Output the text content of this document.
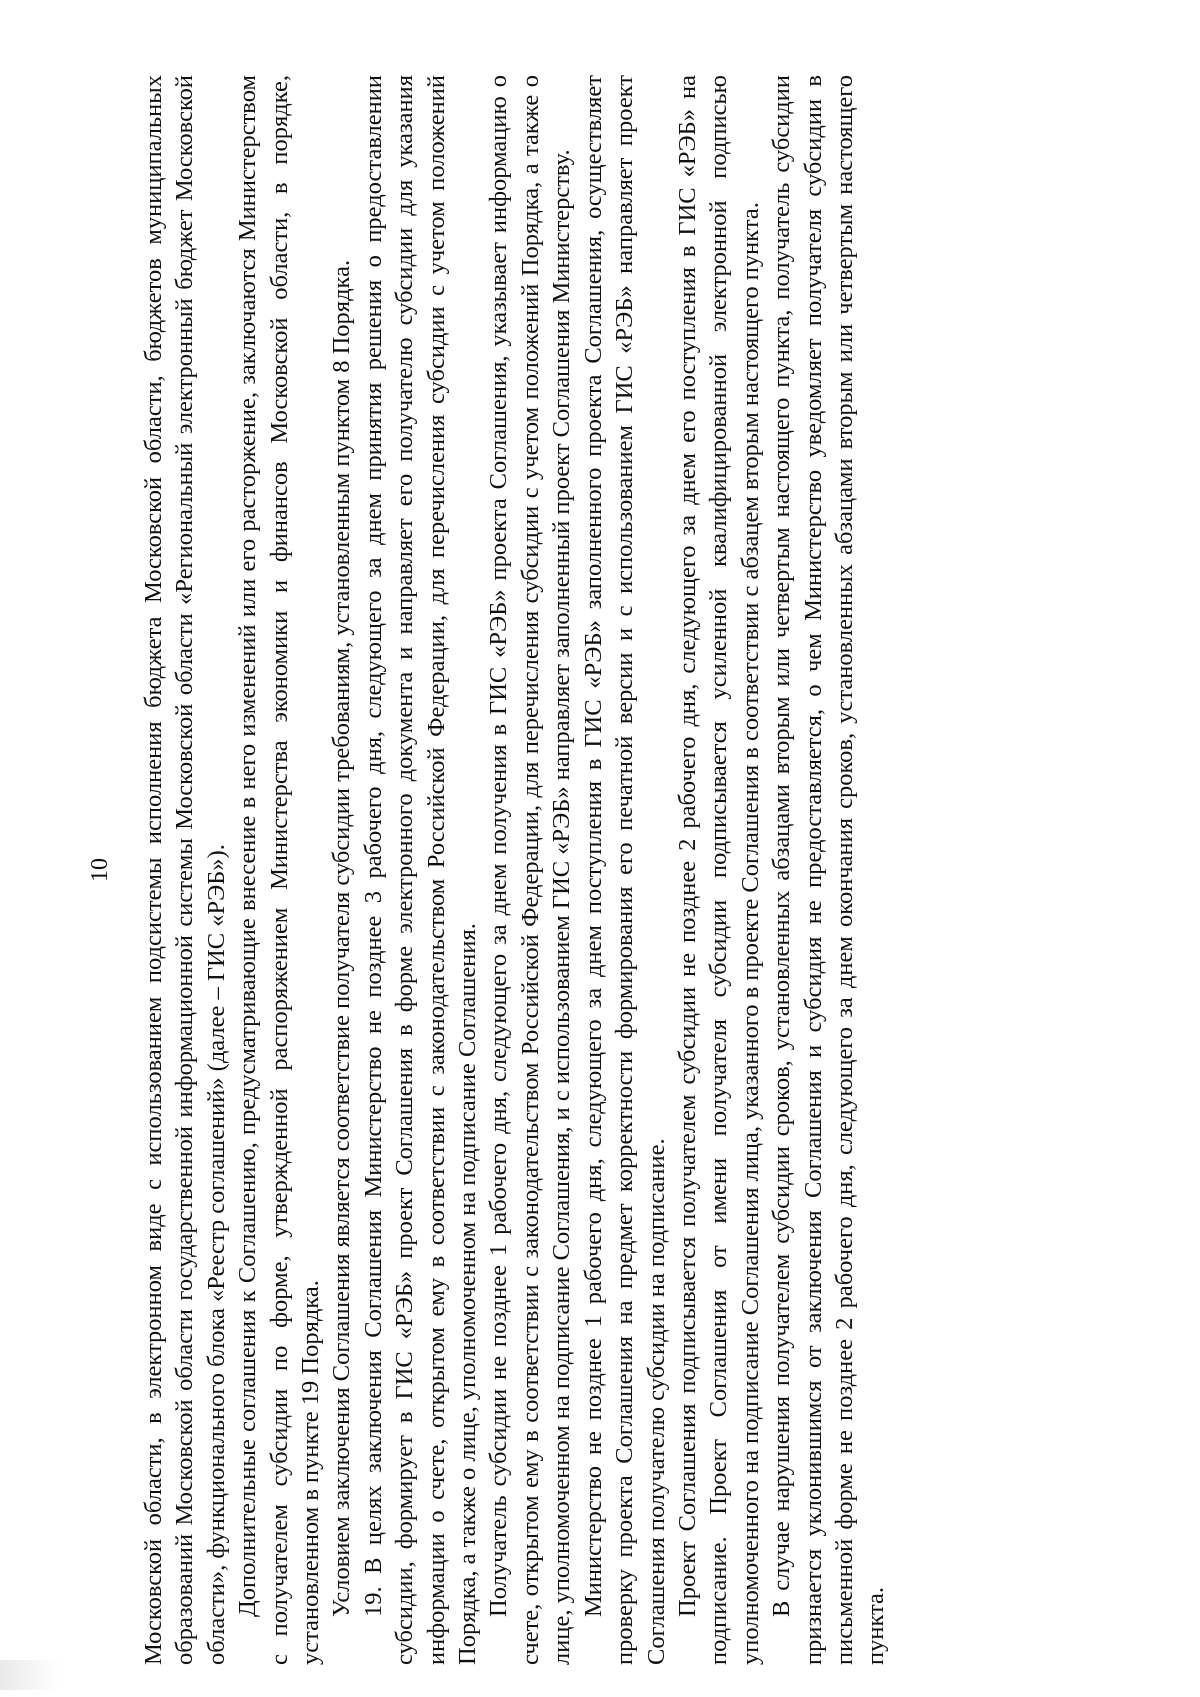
10 Московской области, в электронном виде с использованием подсистемы исполнения бюджета Московской области, бюджетов муниципальных образований Московской области государственной информационной системы Московской области «Региональный электронный бюджет Московской области», функционального блока «Реестр соглашений» (далее – ГИС «РЭБ»). Дополнительные соглашения к Соглашению, предусматривающие внесение в него изменений или его расторжение, заключаются Министерством с получателем субсидии по форме, утвержденной распоряжением Министерства экономики и финансов Московской области, в порядке, установленном в пункте 19 Порядка. Условием заключения Соглашения является соответствие получателя субсидии требованиям, установленным пунктом 8 Порядка. 19. В целях заключения Соглашения Министерство не позднее 3 рабочего дня, следующего за днем принятия решения о предоставлении субсидии, формирует в ГИС «РЭБ» проект Соглашения в форме электронного документа и направляет его получателю субсидии для указания информации о счете, открытом ему в соответствии с законодательством Российской Федерации, для перечисления субсидии с учетом положений Порядка, а также о лице, уполномоченном на подписание Соглашения. Получатель субсидии не позднее 1 рабочего дня, следующего за днем получения в ГИС «РЭБ» проекта Соглашения, указывает информацию о счете, открытом ему в соответствии с законодательством Российской Федерации, для перечисления субсидии с учетом положений Порядка, а также о лице, уполномоченном на подписание Соглашения, и с использованием ГИС «РЭБ» направляет заполненный проект Соглашения Министерству. Министерство не позднее 1 рабочего дня, следующего за днем поступления в ГИС «РЭБ» заполненного проекта Соглашения, осуществляет проверку проекта Соглашения на предмет корректности формирования его печатной версии и с использованием ГИС «РЭБ» направляет проект Соглашения получателю субсидии на подписание. Проект Соглашения подписывается получателем субсидии не позднее 2 рабочего дня, следующего за днем его поступления в ГИС «РЭБ» на подписание. Проект Соглашения от имени получателя субсидии подписывается усиленной квалифицированной электронной подписью уполномоченного на подписание Соглашения лица, указанного в проекте Соглашения в соответствии с абзацем вторым настоящего пункта. В случае нарушения получателем субсидии сроков, установленных абзацами вторым или четвертым настоящего пункта, получатель субсидии признается уклонившимся от заключения Соглашения и субсидия не предоставляется, о чем Министерство уведомляет получателя субсидии в письменной форме не позднее 2 рабочего дня, следующего за днем окончания сроков, установленных абзацами вторым или четвертым настоящего пункта.
